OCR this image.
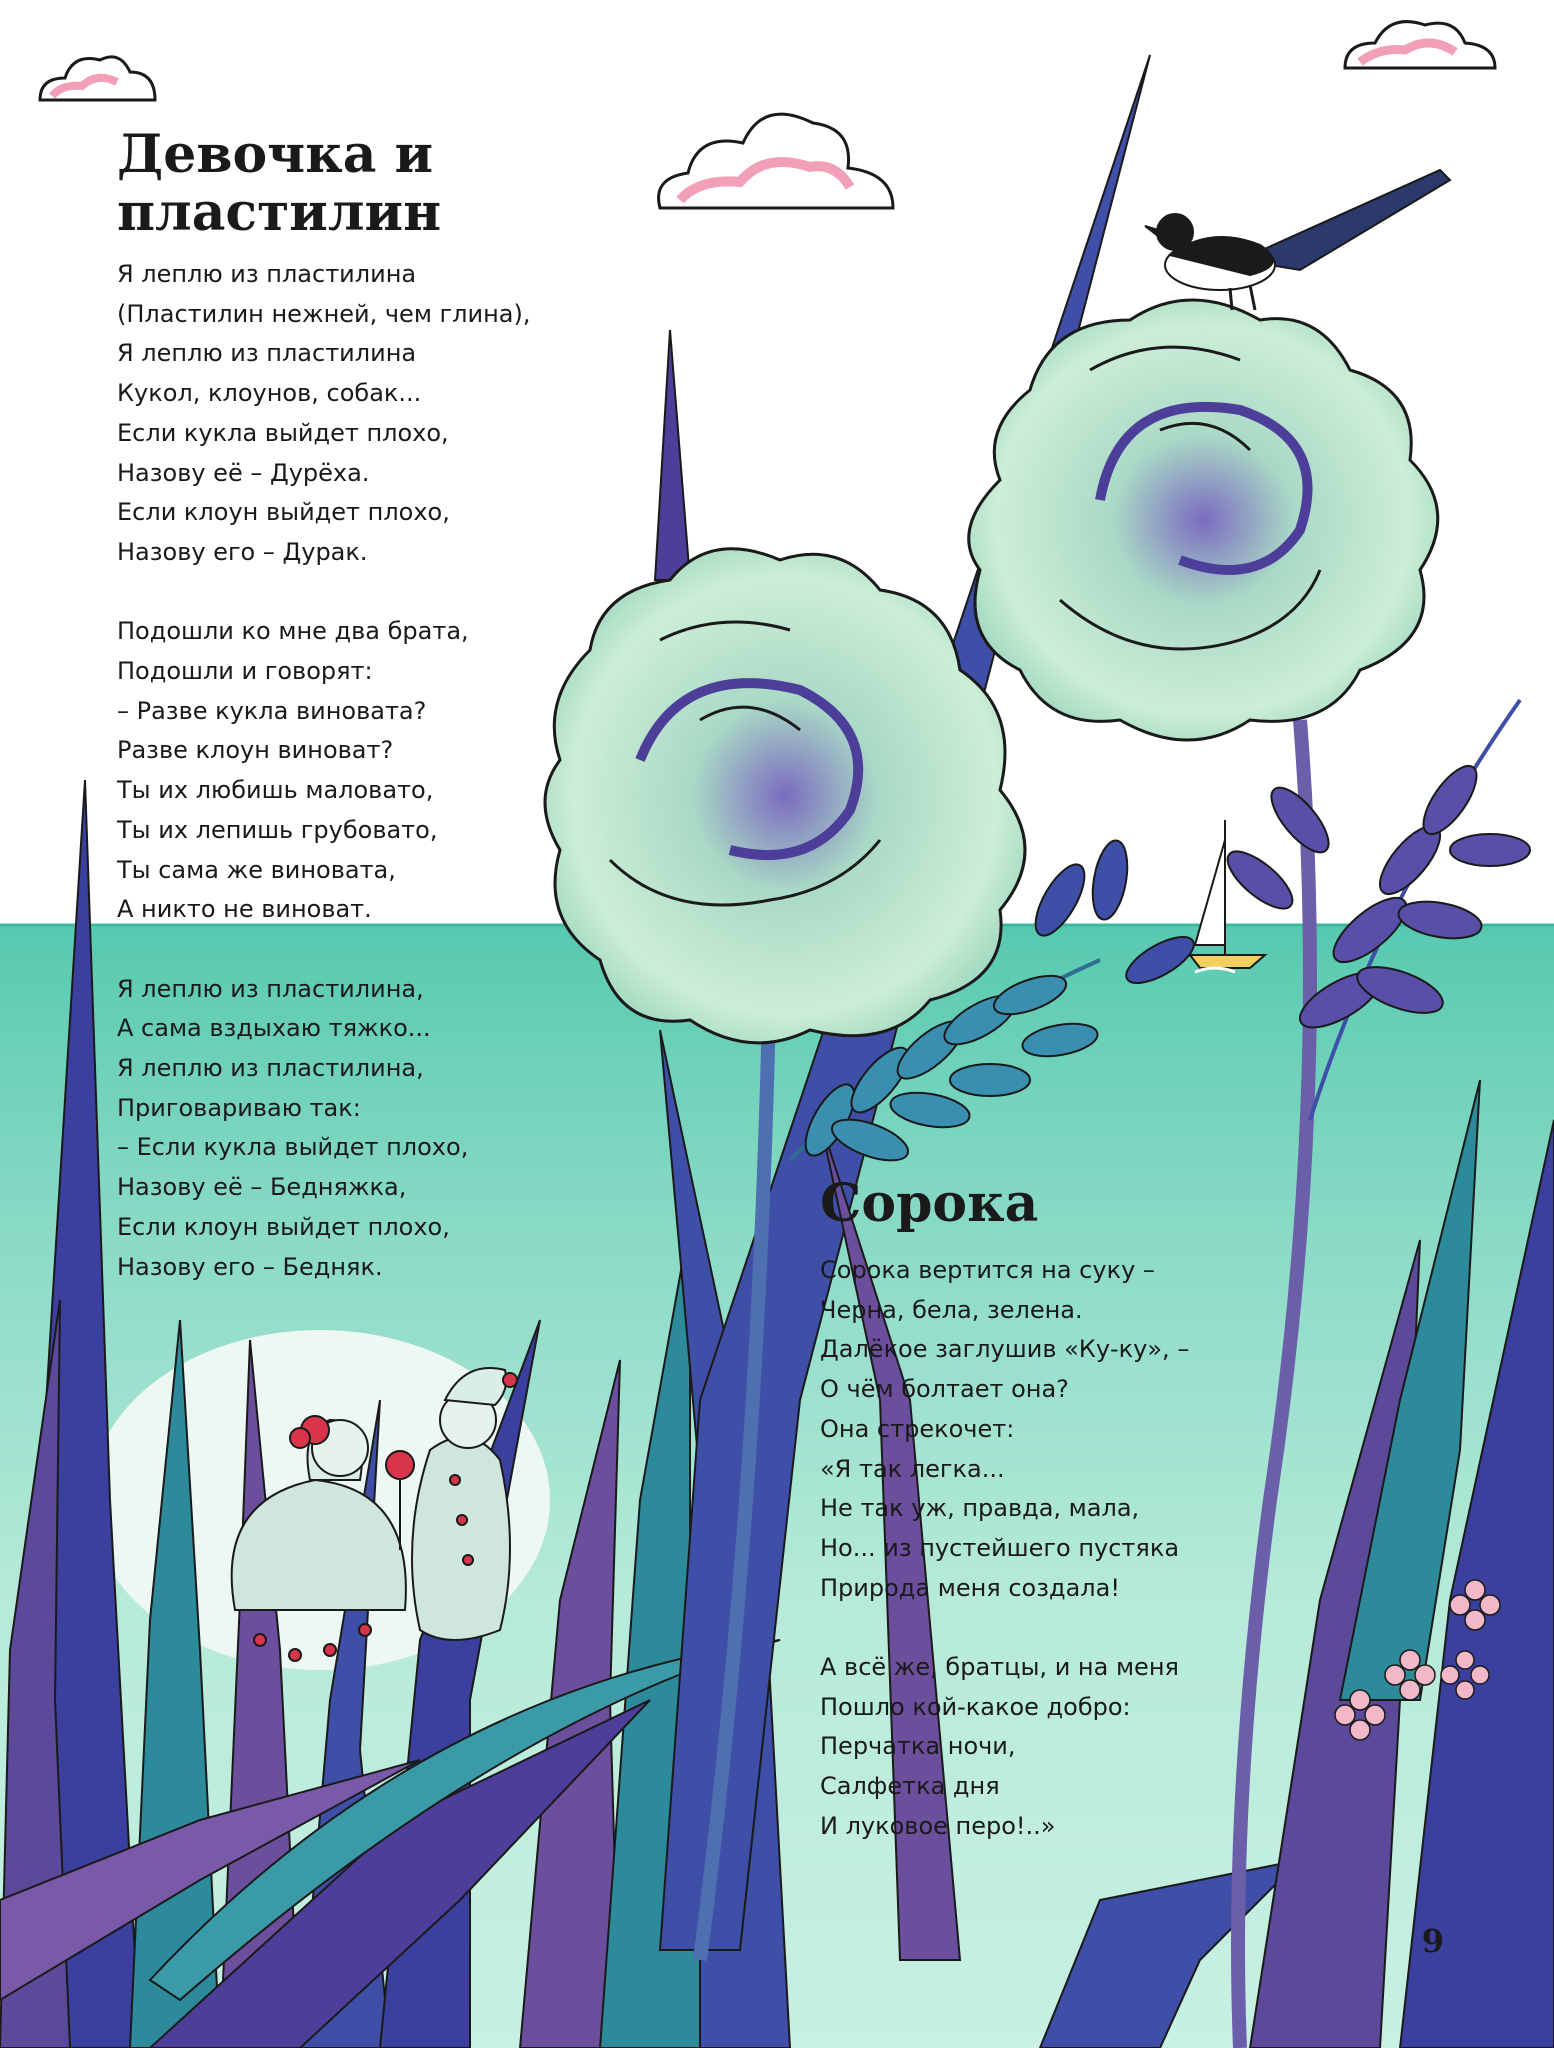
Девочка и
пластилин
Я леплю из пластилина
(Пластилин нежней, чем глина),
Я леплю из пластилина
Кукол, клоунов, собак...
Если кукла выйдет плохо,
Назову её – Дурёха.
Если клоун выйдет плохо,
Назову его – Дурак.
Подошли ко мне два брата,
Подошли и говорят:
– Разве кукла виновата?
Разве клоун виноват?
Ты их любишь маловато,
Ты их лепишь грубовато,
Ты сама же виновата,
А никто не виноват.
Я леплю из пластилина,
А сама вздыхаю тяжко...
Я леплю из пластилина,
Приговариваю так:
– Если кукла выйдет плохо,
Назову её – Бедняжка,
Если клоун выйдет плохо,
Назову его – Бедняк.
Сорока
Сорока вертится на суку –
Черна, бела, зелена.
Далёкое заглушив «Ку-ку», –
О чём болтает она?
Она стрекочет:
«Я так легка...
Не так уж, правда, мала,
Но... из пустейшего пустяка
Природа меня создала!
А всё же, братцы, и на меня
Пошло кой-какое добро:
Перчатка ночи,
Салфетка дня
И луковое перо!..»
9
